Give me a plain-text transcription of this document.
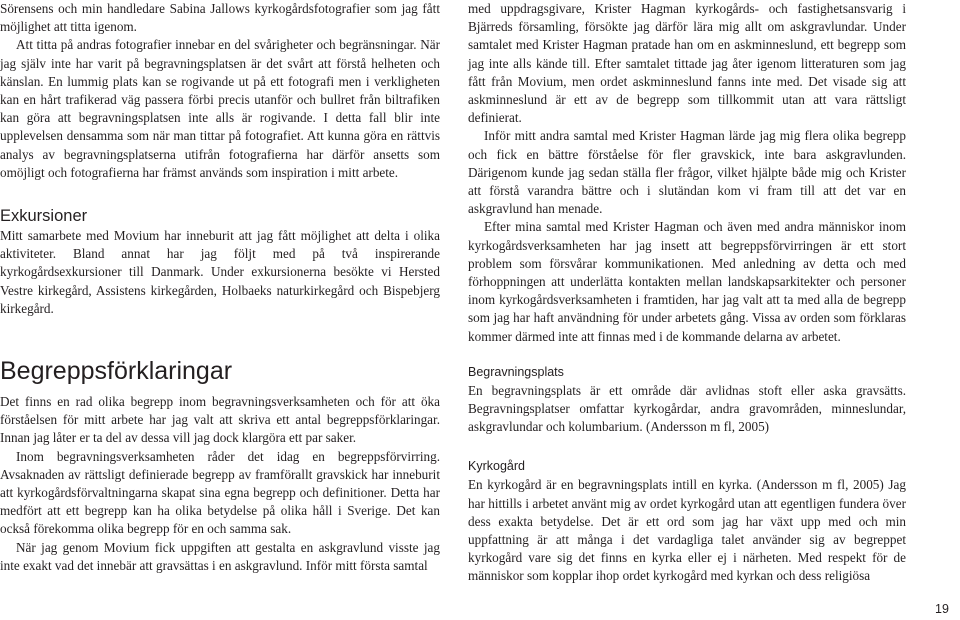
Sörensens och min handledare Sabina Jallows kyrkogårdsfotografier som jag fått möjlighet att titta igenom.

Att titta på andras fotografier innebar en del svårigheter och begränsningar. När jag själv inte har varit på begravningsplatsen är det svårt att förstå helheten och känslan. En lummig plats kan se rogivande ut på ett fotografi men i verkligheten kan en hårt trafikerad väg passera förbi precis utanför och bullret från biltrafiken kan göra att begravningsplatsen inte alls är rogivande. I detta fall blir inte upplevelsen densamma som när man tittar på fotografiet. Att kunna göra en rättvis analys av begravningsplatserna utifrån fotografierna har därför ansetts som omöjligt och fotografierna har främst används som inspiration i mitt arbete.

Exkursioner

Mitt samarbete med Movium har inneburit att jag fått möjlighet att delta i olika aktiviteter. Bland annat har jag följt med på två inspirerande kyrkogårdsexkursioner till Danmark. Under exkursionerna besökte vi Hersted Vestre kirkegård, Assistens kirkegården, Holbaeks naturkirkegård och Bispebjerg kirkegård.

Begreppsförklaringar

Det finns en rad olika begrepp inom begravningsverksamheten och för att öka förståelsen för mitt arbete har jag valt att skriva ett antal begreppsförklaringar. Innan jag låter er ta del av dessa vill jag dock klargöra ett par saker.

Inom begravningsverksamheten råder det idag en begreppsförvirring. Avsaknaden av rättsligt definierade begrepp av framförallt gravskick har inneburit att kyrkogårdsförvaltningarna skapat sina egna begrepp och definitioner. Detta har medfört att ett begrepp kan ha olika betydelse på olika håll i Sverige. Det kan också förekomma olika begrepp för en och samma sak.

När jag genom Movium fick uppgiften att gestalta en askgravlund visste jag inte exakt vad det innebär att gravsättas i en askgravlund. Inför mitt första samtal

med uppdragsgivare, Krister Hagman kyrkogårds- och fastighetsansvarig i Bjärreds församling, försökte jag därför lära mig allt om askgravlundar. Under samtalet med Krister Hagman pratade han om en askminneslund, ett begrepp som jag inte alls kände till. Efter samtalet tittade jag åter igenom litteraturen som jag fått från Movium, men ordet askminneslund fanns inte med. Det visade sig att askminneslund är ett av de begrepp som tillkommit utan att vara rättsligt definierat.

Inför mitt andra samtal med Krister Hagman lärde jag mig flera olika begrepp och fick en bättre förståelse för fler gravskick, inte bara askgravlunden. Därigenom kunde jag sedan ställa fler frågor, vilket hjälpte både mig och Krister att förstå varandra bättre och i slutändan kom vi fram till att det var en askgravlund han menade.

Efter mina samtal med Krister Hagman och även med andra människor inom kyrkogårdsverksamheten har jag insett att begreppsförvirringen är ett stort problem som försvårar kommunikationen. Med anledning av detta och med förhoppningen att underlätta kontakten mellan landskapsarkitekter och personer inom kyrkogårdsverksamheten i framtiden, har jag valt att ta med alla de begrepp som jag har haft användning för under arbetets gång. Vissa av orden som förklaras kommer därmed inte att finnas med i de kommande delarna av arbetet.

Begravningsplats

En begravningsplats är ett område där avlidnas stoft eller aska gravsätts. Begravningsplatser omfattar kyrkogårdar, andra gravområden, minneslundar, askgravlundar och kolumbarium. (Andersson m fl, 2005)

Kyrkogård

En kyrkogård är en begravningsplats intill en kyrka. (Andersson m fl, 2005) Jag har hittills i arbetet använt mig av ordet kyrkogård utan att egentligen fundera över dess exakta betydelse. Det är ett ord som jag har växt upp med och min uppfattning är att många i det vardagliga talet använder sig av begreppet kyrkogård vare sig det finns en kyrka eller ej i närheten. Med respekt för de människor som kopplar ihop ordet kyrkogård med kyrkan och dess religiösa

19
